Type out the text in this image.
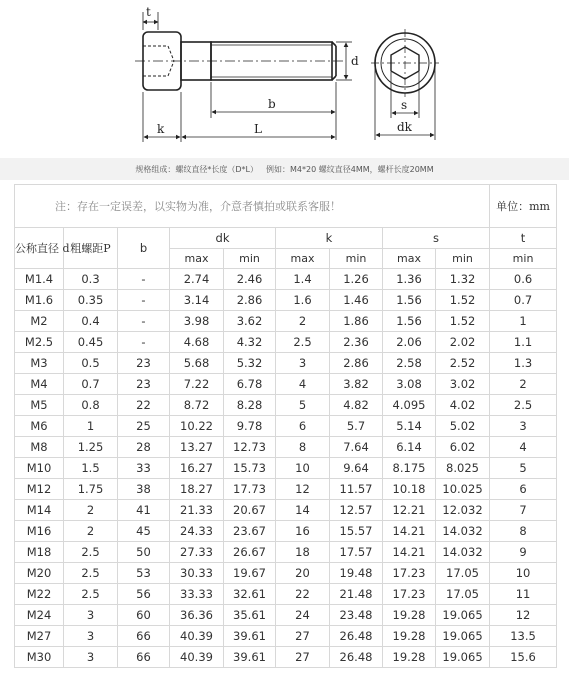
t
d
b
k	L
s
dk
规格组成：螺纹直径*长度（D*L）	例如：M4*20 螺纹直径4MM，螺杆长度20MM
注：存在一定误差，以实物为准，介意者慎拍或联系客服！									单位：mm
公称直径 d	粗螺距P	b	dk		k		s		t
			max	min	max	min	max	min	min
M1.4	0.3	-	2.74	2.46	1.4	1.26	1.36	1.32	0.6
M1.6	0.35	-	3.14	2.86	1.6	1.46	1.56	1.52	0.7
M2	0.4	-	3.98	3.62	2	1.86	1.56	1.52	1
M2.5	0.45	-	4.68	4.32	2.5	2.36	2.06	2.02	1.1
M3	0.5	23	5.68	5.32	3	2.86	2.58	2.52	1.3
M4	0.7	23	7.22	6.78	4	3.82	3.08	3.02	2
M5	0.8	22	8.72	8.28	5	4.82	4.095	4.02	2.5
M6	1	25	10.22	9.78	6	5.7	5.14	5.02	3
M8	1.25	28	13.27	12.73	8	7.64	6.14	6.02	4
M10	1.5	33	16.27	15.73	10	9.64	8.175	8.025	5
M12	1.75	38	18.27	17.73	12	11.57	10.18	10.025	6
M14	2	41	21.33	20.67	14	12.57	12.21	12.032	7
M16	2	45	24.33	23.67	16	15.57	14.21	14.032	8
M18	2.5	50	27.33	26.67	18	17.57	14.21	14.032	9
M20	2.5	53	30.33	19.67	20	19.48	17.23	17.05	10
M22	2.5	56	33.33	32.61	22	21.48	17.23	17.05	11
M24	3	60	36.36	35.61	24	23.48	19.28	19.065	12
M27	3	66	40.39	39.61	27	26.48	19.28	19.065	13.5
M30	3	66	40.39	39.61	27	26.48	19.28	19.065	15.6
